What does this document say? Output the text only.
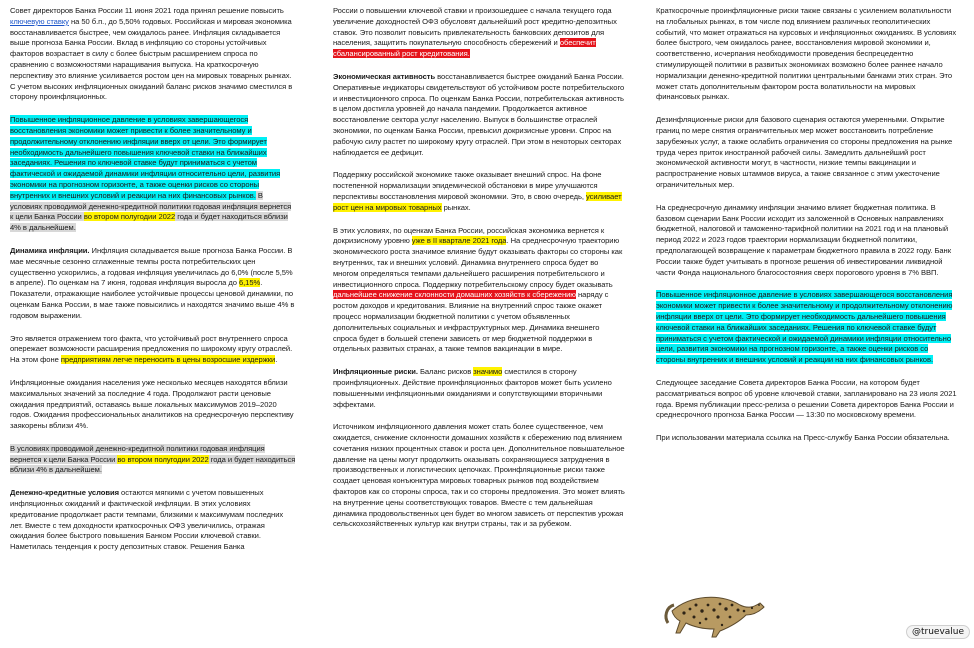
Совет директоров Банка России 11 июня 2021 года принял решение повысить ключевую ставку на 50 б.п., до 5,50% годовых. Российская и мировая экономика восстанавливается быстрее, чем ожидалось ранее. Инфляция складывается выше прогноза Банка России. Вклад в инфляцию со стороны устойчивых факторов возрастает в силу с более быстрым расширением спроса по сравнению с возможностями наращивания выпуска. На краткосрочную перспективу это влияние усиливается ростом цен на мировых товарных рынках. С учетом высоких инфляционных ожиданий баланс рисков значимо сместился в сторону проинфляционных.

Повышенное инфляционное давление в условиях завершающегося восстановления экономики может привести к более значительному и продолжительному отклонению инфляции вверх от цели. Это формирует необходимость дальнейшего повышения ключевой ставки на ближайших заседаниях. Решения по ключевой ставке будут приниматься с учетом фактической и ожидаемой динамики инфляции относительно цели, развития экономики на прогнозном горизонте, а также оценки рисков со стороны внутренних и внешних условий и реакции на них финансовых рынков. В условиях проводимой денежно-кредитной политики годовая инфляция вернется к цели Банка России во втором полугодии 2022 года и будет находиться вблизи 4% в дальнейшем.

Динамика инфляции. Инфляция складывается выше прогноза Банка России. В мае месячные сезонно сглаженные темпы роста потребительских цен существенно ускорились, а годовая инфляция увеличилась до 6,0% (после 5,5% в апреле). По оценкам на 7 июня, годовая инфляция выросла до 6,15%. Показатели, отражающие наиболее устойчивые процессы ценовой динамики, по оценкам Банка России, в мае также повысились и находятся значимо выше 4% в годовом выражении.

Это является отражением того факта, что устойчивый рост внутреннего спроса опережает возможности расширения предложения по широкому кругу отраслей. На этом фоне предприятиям легче переносить в цены возросшие издержки.

Инфляционные ожидания населения уже несколько месяцев находятся вблизи максимальных значений за последние 4 года. Продолжают расти ценовые ожидания предприятий, оставаясь выше локальных максимумов 2019–2020 годов. Ожидания профессиональных аналитиков на среднесрочную перспективу заякорены вблизи 4%.

В условиях проводимой денежно-кредитной политики годовая инфляция вернется к цели Банка России во втором полугодии 2022 года и будет находиться вблизи 4% в дальнейшем.

Денежно-кредитные условия остаются мягкими с учетом повышенных инфляционных ожиданий и фактической инфляции. В этих условиях кредитование продолжает расти темпами, близкими к максимумам последних лет. Вместе с тем доходности краткосрочных ОФЗ увеличились, отражая ожидания более быстрого повышения Банком России ключевой ставки. Наметилась тенденция к росту депозитных ставок. Решения Банка

России о повышении ключевой ставки и произошедшее с начала текущего года увеличение доходностей ОФЗ обусловят дальнейший рост кредитно-депозитных ставок. Это позволит повысить привлекательность банковских депозитов для населения, защитить покупательную способность сбережений и обеспечит сбалансированный рост кредитования.

Экономическая активность восстанавливается быстрее ожиданий Банка России. Оперативные индикаторы свидетельствуют об устойчивом росте потребительского и инвестиционного спроса. По оценкам Банка России, потребительская активность в целом достигла уровней до начала пандемии. Продолжается активное восстановление сектора услуг населению. Выпуск в большинстве отраслей экономики, по оценкам Банка России, превысил докризисные уровни. Спрос на рабочую силу растет по широкому кругу отраслей. При этом в некоторых секторах наблюдается ее дефицит.

Поддержку российской экономике также оказывает внешний спрос. На фоне постепенной нормализации эпидемической обстановки в мире улучшаются перспективы восстановления мировой экономики. Это, в свою очередь, усиливает рост цен на мировых товарных рынках.

В этих условиях, по оценкам Банка России, российская экономика вернется к докризисному уровню уже в II квартале 2021 года. На среднесрочную траекторию экономического роста значимое влияние будут оказывать факторы со стороны как внутренних, так и внешних условий. Динамика внутреннего спроса будет во многом определяться темпами дальнейшего расширения потребительского и инвестиционного спроса. Поддержку потребительскому спросу будет оказывать дальнейшее снижение склонности домашних хозяйств к сбережению наряду с ростом доходов и кредитования. Влияние на внутренний спрос также окажет процесс нормализации бюджетной политики с учетом объявленных дополнительных социальных и инфраструктурных мер. Динамика внешнего спроса будет в большей степени зависеть от мер бюджетной поддержки в отдельных развитых странах, а также темпов вакцинации в мире.

Инфляционные риски. Баланс рисков значимо сместился в сторону проинфляционных. Действие проинфляционных факторов может быть усилено повышенными инфляционными ожиданиями и сопутствующими вторичными эффектами.

Источником инфляционного давления может стать более существенное, чем ожидается, снижение склонности домашних хозяйств к сбережению под влиянием сочетания низких процентных ставок и роста цен. Дополнительное повышательное давление на цены могут продолжить оказывать сохраняющиеся затруднения в производственных и логистических цепочках. Проинфляционные риски также создает ценовая конъюнктура мировых товарных рынков под воздействием факторов как со стороны спроса, так и со стороны предложения. Это может влиять на внутренние цены соответствующих товаров. Вместе с тем дальнейшая динамика продовольственных цен будет во многом зависеть от перспектив урожая сельскохозяйственных культур как внутри страны, так и за рубежом.

Краткосрочные проинфляционные риски также связаны с усилением волатильности на глобальных рынках, в том числе под влиянием различных геополитических событий, что может отражаться на курсовых и инфляционных ожиданиях. В условиях более быстрого, чем ожидалось ранее, восстановления мировой экономики и, соответственно, исчерпания необходимости проведения беспрецедентно стимулирующей политики в развитых экономиках возможно более раннее начало нормализации денежно-кредитной политики центральными банками этих стран. Это может стать дополнительным фактором роста волатильности на мировых финансовых рынках.

Дезинфляционные риски для базового сценария остаются умеренными. Открытие границ по мере снятия ограничительных мер может восстановить потребление зарубежных услуг, а также ослабить ограничения со стороны предложения на рынке труда через приток иностранной рабочей силы. Замедлить дальнейший рост экономической активности могут, в частности, низкие темпы вакцинации и распространение новых штаммов вируса, а также связанное с этим ужесточение ограничительных мер.

На среднесрочную динамику инфляции значимо влияет бюджетная политика. В базовом сценарии Банк России исходит из заложенной в Основных направлениях бюджетной, налоговой и таможенно-тарифной политики на 2021 год и на плановый период 2022 и 2023 годов траектории нормализации бюджетной политики, предполагающей возвращение к параметрам бюджетного правила в 2022 году. Банк России также будет учитывать в прогнозе решения об инвестировании ликвидной части Фонда национального благосостояния сверх порогового уровня в 7% ВВП.

Повышенное инфляционное давление в условиях завершающегося восстановления экономики может привести к более значительному и продолжительному отклонению инфляции вверх от цели. Это формирует необходимость дальнейшего повышения ключевой ставки на ближайших заседаниях. Решения по ключевой ставке будут приниматься с учетом фактической и ожидаемой динамики инфляции относительно цели, развития экономики на прогнозном горизонте, а также оценки рисков со стороны внутренних и внешних условий и реакции на них финансовых рынков.

Следующее заседание Совета директоров Банка России, на котором будет рассматриваться вопрос об уровне ключевой ставки, запланировано на 23 июля 2021 года. Время публикации пресс-релиза о решении Совета директоров Банка России и среднесрочного прогноза Банка России — 13:30 по московскому времени.

При использовании материала ссылка на Пресс-службу Банка России обязательна.

@truevalue
